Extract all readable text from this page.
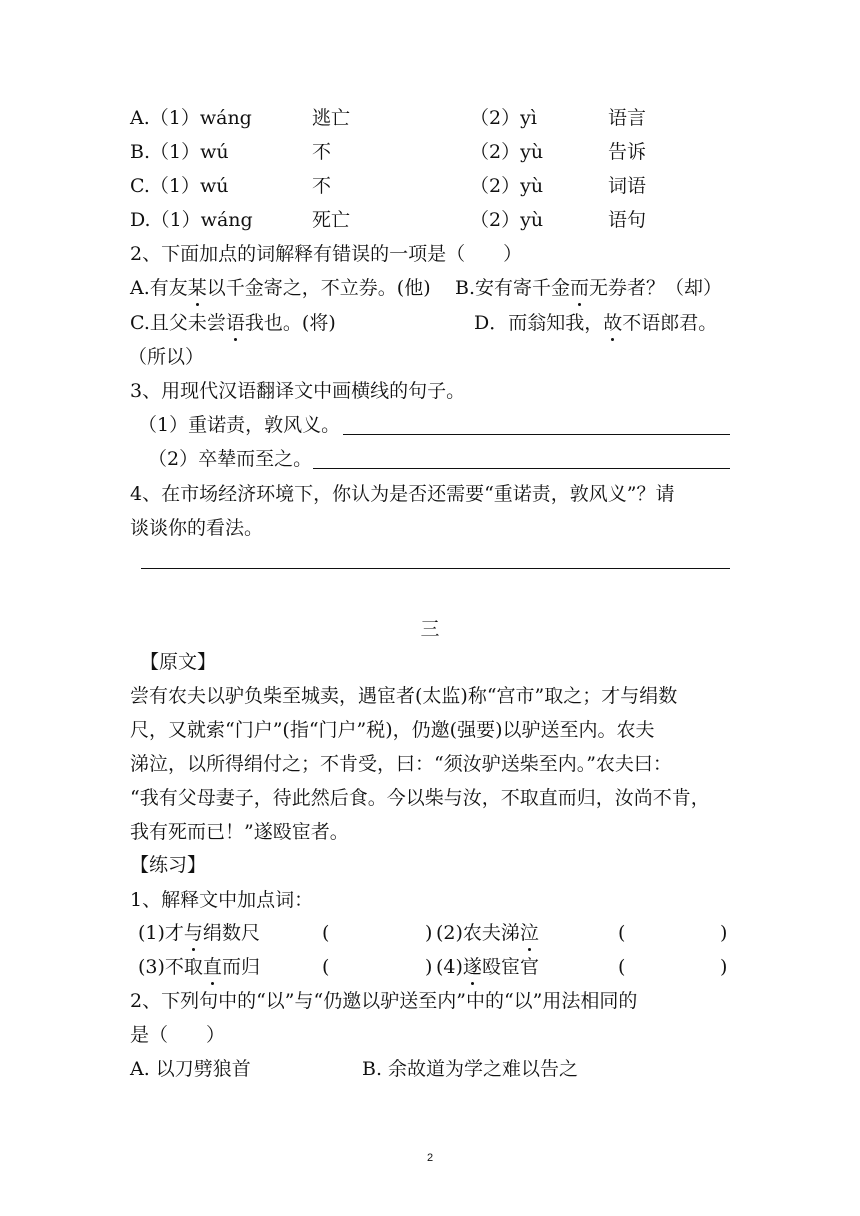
A.（1）wáng	逃亡	（2）yì	语言
B.（1）wú	不	（2）yù	告诉
C.（1）wú	不	（2）yù	词语
D.（1）wáng	死亡	（2）yù	语句
2、下面加点的词解释有错误的一项是（　　）
A.有友某以千金寄之，不立券。(他) B.安有寄千金而无券者？（却）
C.且父未尝语我也。(将)	D．而翁知我，故不语郎君。
（所以）
3、用现代汉语翻译文中画横线的句子。
（1）重诺责，敦风义。
（2）卒辇而至之。
4、在市场经济环境下，你认为是否还需要“重诺责，敦风义”？请
谈谈你的看法。
三
【原文】
尝有农夫以驴负柴至城卖，遇宦者(太监)称“宫市”取之；才与绢数
尺，又就索“门户”(指“门户”税)，仍邀(强要)以驴送至内。农夫
涕泣，以所得绢付之；不肯受，曰：“须汝驴送柴至内。”农夫曰：
“我有父母妻子，待此然后食。今以柴与汝，不取直而归，汝尚不肯，
我有死而已！”遂殴宦者。
【练习】
1、解释文中加点词：
(1)才与绢数尺	(	) (2)农夫涕泣	(	)
(3)不取直而归	(	) (4)遂殴宦官	(	)
2、下列句中的“以”与“仍邀以驴送至内”中的“以”用法相同的
是（　　）
A. 以刀劈狼首	B. 余故道为学之难以告之
2
